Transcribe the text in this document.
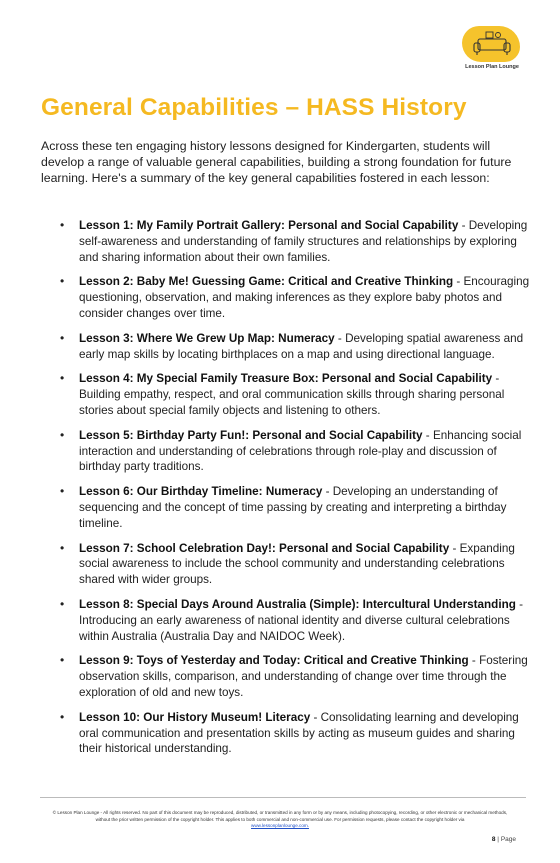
Lesson Plan Lounge
General Capabilities – HASS History

Across these ten engaging history lessons designed for Kindergarten, students will develop a range of valuable general capabilities, building a strong foundation for future learning. Here's a summary of the key general capabilities fostered in each lesson:

• Lesson 1: My Family Portrait Gallery: Personal and Social Capability - Developing self-awareness and understanding of family structures and relationships by exploring and sharing information about their own families.
• Lesson 2: Baby Me! Guessing Game: Critical and Creative Thinking - Encouraging questioning, observation, and making inferences as they explore baby photos and consider changes over time.
• Lesson 3: Where We Grew Up Map: Numeracy - Developing spatial awareness and early map skills by locating birthplaces on a map and using directional language.
• Lesson 4: My Special Family Treasure Box: Personal and Social Capability - Building empathy, respect, and oral communication skills through sharing personal stories about special family objects and listening to others.
• Lesson 5: Birthday Party Fun!: Personal and Social Capability - Enhancing social interaction and understanding of celebrations through role-play and discussion of birthday party traditions.
• Lesson 6: Our Birthday Timeline: Numeracy - Developing an understanding of sequencing and the concept of time passing by creating and interpreting a birthday timeline.
• Lesson 7: School Celebration Day!: Personal and Social Capability - Expanding social awareness to include the school community and understanding celebrations shared with wider groups.
• Lesson 8: Special Days Around Australia (Simple): Intercultural Understanding - Introducing an early awareness of national identity and diverse cultural celebrations within Australia (Australia Day and NAIDOC Week).
• Lesson 9: Toys of Yesterday and Today: Critical and Creative Thinking - Fostering observation skills, comparison, and understanding of change over time through the exploration of old and new toys.
• Lesson 10: Our History Museum! Literacy - Consolidating learning and developing oral communication and presentation skills by acting as museum guides and sharing their historical understanding.
© Lesson Plan Lounge - All rights reserved. No part of this document may be reproduced, distributed, or transmitted in any form or by any means, including photocopying, recording, or other electronic or mechanical methods, without the prior written permission of the copyright holder. This applies to both commercial and non-commercial use. For permission requests, please contact the copyright holder via
www.lessonplanlounge.com.
8 | Page
